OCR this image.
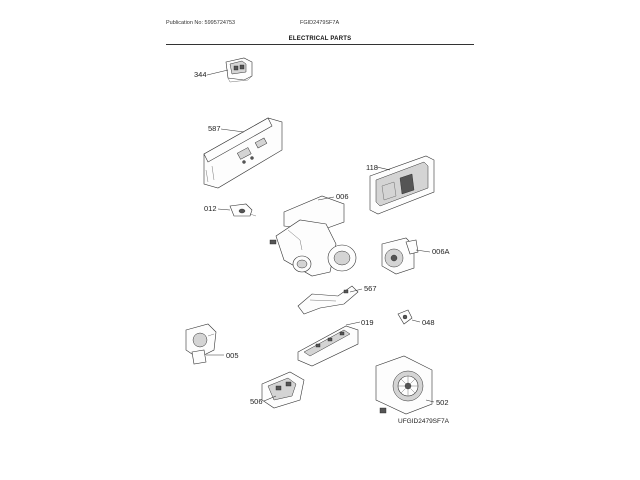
Publication No: 5995724753	FGID2479SF7A
ELECTRICAL PARTS
344
587
118
006
012
006A
567
019	048
005
506	502
UFGID2479SF7A
